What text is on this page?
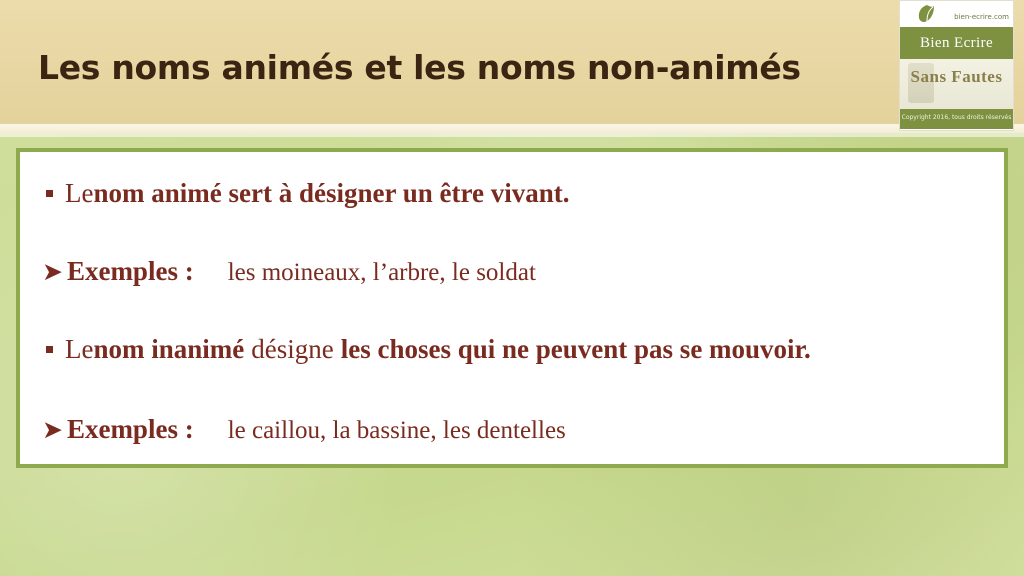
Les noms animés et les noms non-animés
bien-ecrire.com
Bien Ecrire
Sans Fautes
Copyright 2016, tous droits réservés
Le nom animé sert à désigner un être vivant.
➤ Exemples : les moineaux, l’arbre, le soldat
Le nom inanimé désigne les choses qui ne peuvent pas se mouvoir.
➤ Exemples : le caillou, la bassine, les dentelles
